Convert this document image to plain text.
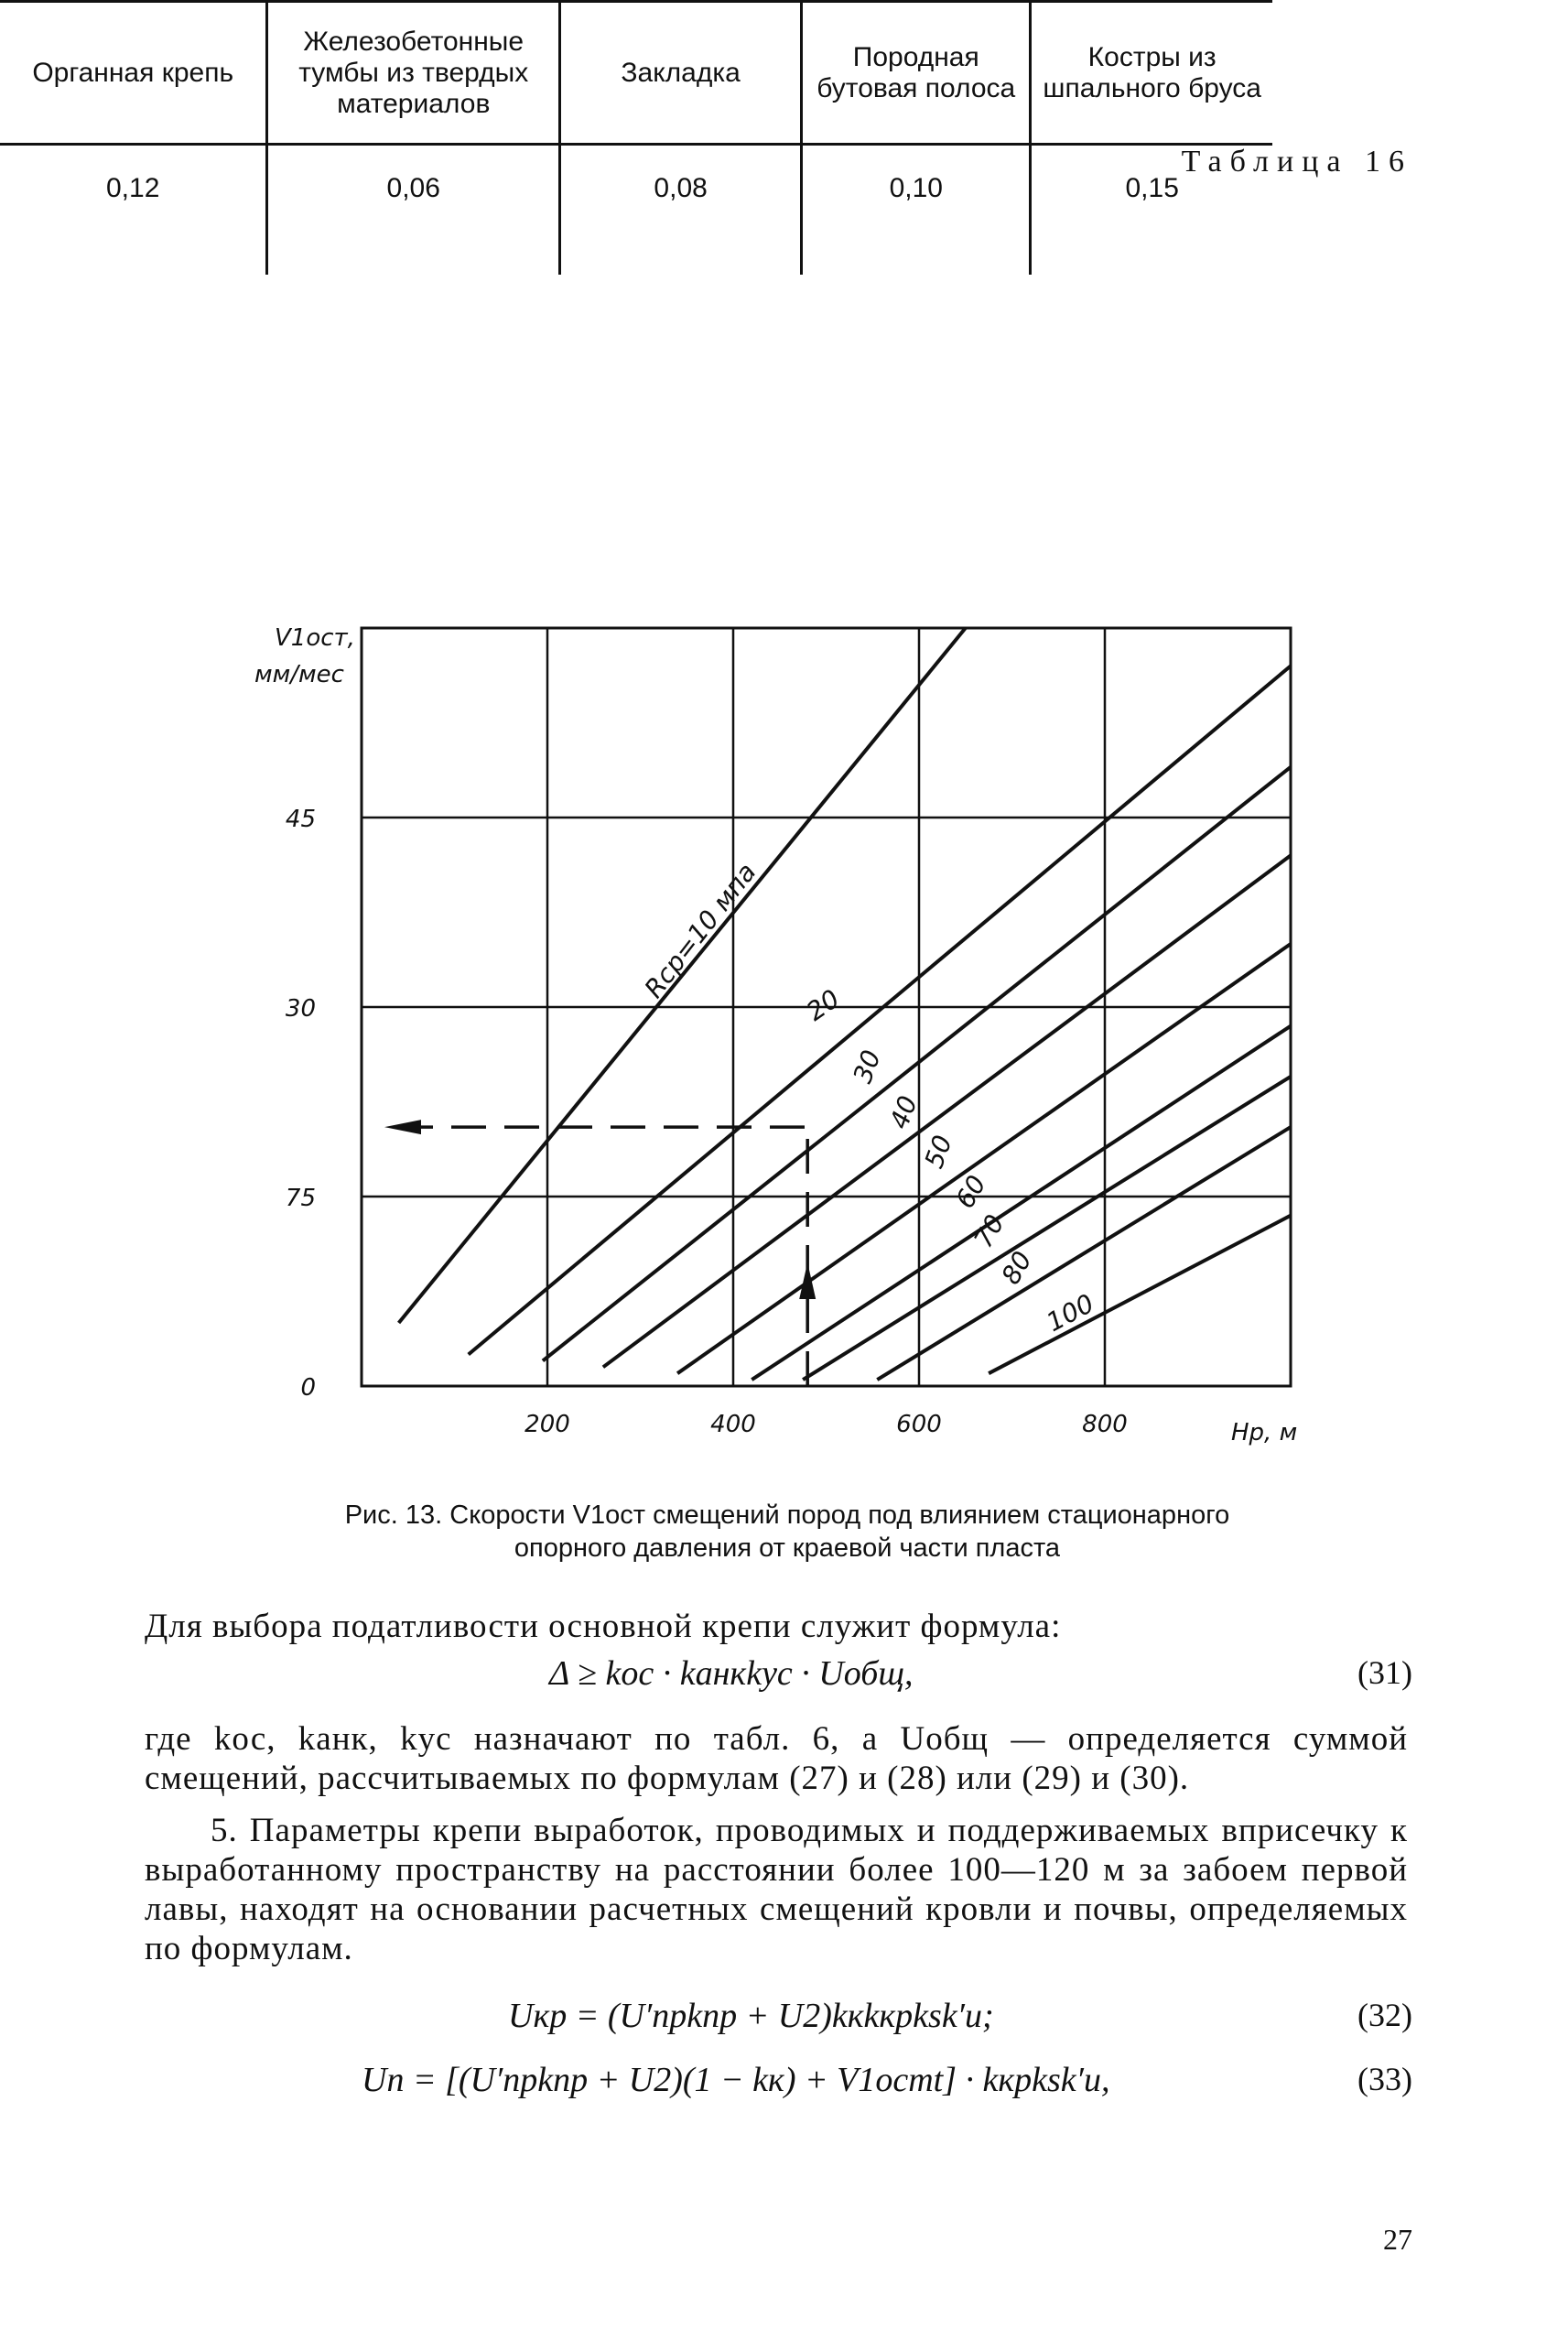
Таблица 16
Органная крепь	Железобетонные тумбы из твердых материалов	Закладка	Породная бутовая полоса	Костры из шпального бруса
0,12	0,06	0,08	0,10	0,15
200	400	600	800
0
75
30
45
V1ост,
мм/мес
Hр, м
Rcp=10 мпа
20
30
40
50
60
70
80
100
Рис. 13. Скорости V1ост смещений пород под влиянием стационарного
опорного давления от краевой части пласта
Для выбора податливости основной крепи служит формула:
Δ ≥ kос · kанкkус · Uобщ,	(31)
где kос, kанк, kус назначают по табл. 6, а Uобщ — определяется суммой смещений, рассчитываемых по формулам (27) и (28) или (29) и (30).
5. Параметры крепи выработок, проводимых и поддерживаемых вприсечку к выработанному пространству на расстоянии более 100—120 м за забоем первой лавы, находят на основании расчетных смещений кровли и почвы, определяемых по формулам.
Uкр = (U′прkпр + U2)kкkкрksk′u;	(32)
Uп = [(U′прkпр + U2)(1 − kк) + V1остt] · kкрksk′u,	(33)
27
